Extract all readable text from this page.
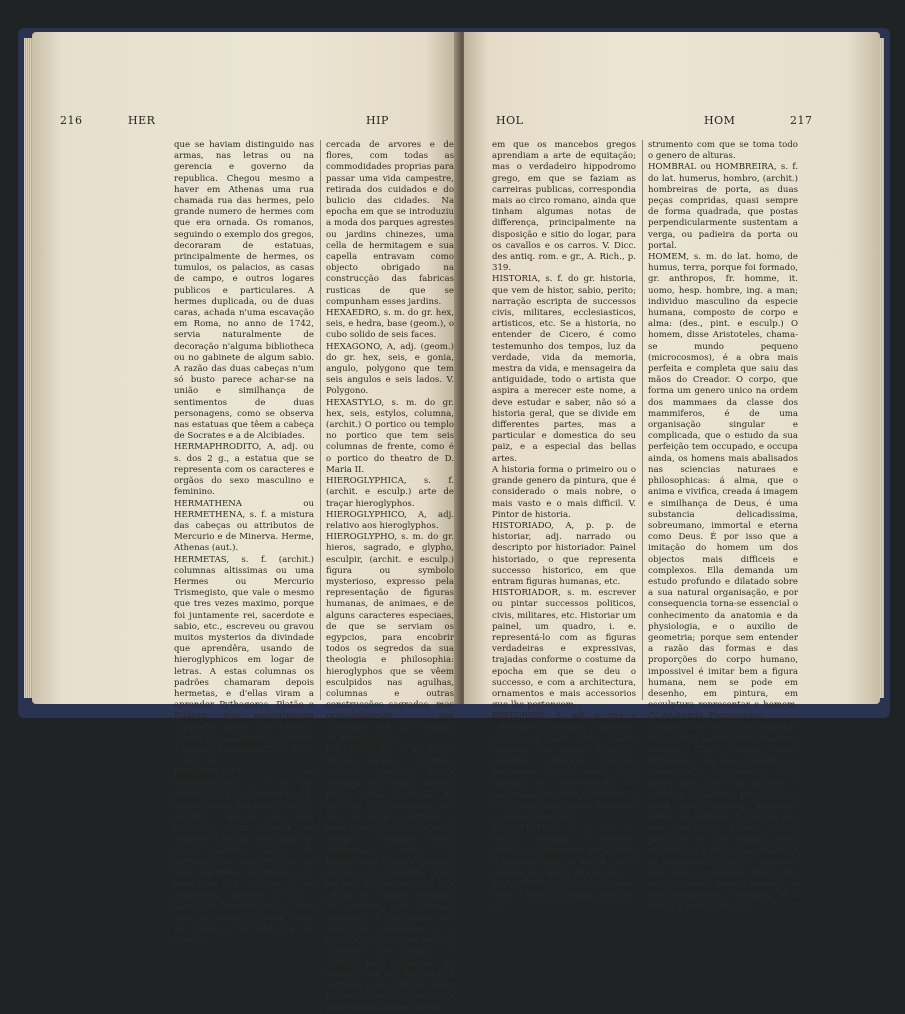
216	HER	HIP

que se haviam distinguido nas armas, nas letras ou na gerencia e governo da republica. Chegou mesmo a haver em Athenas uma rua chamada rua das hermes, pelo grande numero de hermes com que era ornada. Os romanos, seguindo o exemplo dos gregos, decoraram de estatuas, principalmente de hermes, os tumulos, os palacios, as casas de campo, e outros logares publicos e particulares. A hermes duplicada, ou de duas caras, achada n'uma escavação em Roma, no anno de 1742, servia naturalmente de decoração n'alguma bibliotheca ou no gabinete de algum sabio. A razão das duas cabeças n'um só busto parece achar-se na união e similhança de sentimentos de duas personagens, como se observa nas estatuas que têem a cabeça de Socrates e a de Alcibiades.

HERMAPHRODITO, A, adj. ou s. dos 2 g., a estatua que se representa com os caracteres e orgãos do sexo masculino e feminino.

HERMATHENA ou HERMETHENA, s. f. a mistura das cabeças ou attributos de Mercurio e de Minerva. Herme, Athenas (aut.).

HERMETAS, s. f. (archit.) columnas altissimas ou uma Hermes ou Mercurio Trismegisto, que vale o mesmo que tres vezes maximo, porque foi juntamente rei, sacerdote e sabio, etc., escreveu ou gravou muitos mysterios da divindade que aprendêra, usando de hieroglyphicos em logar de letras. A estas columnas os padrões chamaram depois hermetas, e d'ellas viram a aprender Pythagoras, Platão e Eudoxo, que peregrinaram n'aquellas partes (do Egypto), d'onde se recolheram a illustrar a Grecia. Bernardes, Nov. Flor., t. II, p. 90.

HERMITAGEM ou HERMITAGIO, s. f. do lat. eremus, fr. e ing. hermitage, it. eremo, hesp. hermita, deserto, (archit.) toma-se por uma habitação com capella ou oratorio e jardim, edificada em logar solitario, longe do povoado, em que vive um ou mais hermitas, entregues aos exercicios da oração e da penitencia. Também se dá o nome de hermitagem a uma casa de campo, situada longe da cidade e no fundo de um bosque

cercada de arvores e de flores, com todas as commodidades proprias para passar uma vida campestre, retirada dos cuidados e do bulicio das cidades. Na epocha em que se introduziu a moda dos parques agrestes ou jardins chinezes, uma cella de hermitagem e sua capella entravam como objecto obrigado na construcção das fabricas rusticas de que se compunham esses jardins.

HEXAEDRO, s. m. do gr. hex, seis, e hedra, base (geom.), o cubo solido de seis faces.

HEXAGONO, A, adj. (geom.) do gr. hex, seis, e gonia, angulo, polygono que tem seis angulos e seis lados. V. Polygono.

HEXASTYLO, s. m. do gr. hex, seis, estylos, columna, (archit.) O portico ou templo no portico que tem seis columnas de frente, como é o portico do theatro de D. Maria II.

HIEROGLYPHICA, s. f. (archit. e esculp.) arte de traçar hieroglyphos.

HIEROGLYPHICO, A, adj. relativo aos hieroglyphos.

HIEROGLYPHO, s. m. do gr. hieros, sagrado, e glypho, esculpir, (archit. e esculp.) figura ou symbolo mysterioso, expresso pela representação de figuras humanas, de animaes, e de alguns caracteres especiaes, de que se serviam os egypcios, para encobrir todos os segredos da sua theologia e philosophia: hieroglyphos que se vêem esculpidos nas agulhas, columnas e outras construcções sagradas, mas principalmente nas columnas que são ornadas de hieroglyphos.

HIPPODROMO, s. m. do gr. hippos, cavallo, e dromos, corrida, (archit.) praça oblonga em forma circular pelos lados, cercada de porticos e columnatas, em que se faziam corridas e exercicios a cavallo, entre os gregos e romanos. Havia differença entre o hippodromo grego e romano; porque este consistia n'um espaço de terreno em um jardim ou cidade, plantado de arvores, com diversas avenidas, e destinado aos exercicios equestres; e o grego era uma arena para as carreiras de cavallos e carros, por opposição ao estadio, que era destinado á carreira a pé. Multas vezes juntavam aos gymnasios um hippodromo d'este genero,

HOL	HOM	217

em que os mancebos gregos aprendiam a arte de equitação; mas o verdadeiro hippodromo grego, em que se faziam as carreiras publicas, correspondia mais ao circo romano, ainda que tinham algumas notas de differença, principalmente na disposição e sitio do logar, para os cavallos e os carros. V. Dicc. des antiq. rom. e gr., A. Rich., p. 319.

HISTORIA, s. f. do gr. historia, que vem de histor, sabio, perito; narração escripta de successos civis, militares, ecclesiasticos, artisticos, etc. Se a historia, no entender de Cicero, é como testemunho dos tempos, luz da verdade, vida da memoria, mestra da vida, e mensageira da antiguidade, todo o artista que aspira a merecer este nome, a deve estudar e saber, não só a historia geral, que se divide em differentes partes, mas a particular e domestica do seu paiz, e a especial das bellas artes.

A historia forma o primeiro ou o grande genero da pintura, que é considerado o mais nobre, o mais vasto e o mais difficil. V. Pintor de historia.

HISTORIADO, A, p. p. de historiar, adj. narrado ou descripto por historiador. Painel historiado, o que representa successo historico, em que entram figuras humanas, etc.

HISTORIADOR, s. m. escrever ou pintar successos politicos, civis, militares, etc. Historiar um painel, um quadro, i. e. representá-lo com as figuras verdadeiras e expressivas, trajadas conforme o costume da epocha em que se deu o successo, e com a architectura, ornamentos e mais accessorios que lhe pertencem.

HISTORICO, A, adj. o que é conforme ou relativo á historia, ou que se pode contar. Assim dizemos: um grupo historico, desenho, pintura, gravura historicas, quando estas artes narram ou representam os successos, segundo a historia, e n'ella intervem figuras humanas e seus accessorios.

HODOMETRO, s. m. do gr. hodos, caminho, e metron, medida, instrumento para medir o caminho que se andou, ou o numero de passos que se dão.

HOLOMETRO, s. m. do gr. holos, todo, e metron, medida, (archit.) in-

strumento com que se toma todo o genero de alturas.

HOMBRAL ou HOMBREIRA, s. f. do lat. humerus, hombro, (archit.) hombreiras de porta, as duas peças compridas, quasi sempre de forma quadrada, que postas perpendicularmente sustentam a verga, ou padieira da porta ou portal.

HOMEM, s. m. do lat. homo, de humus, terra, porque foi formado, gr. anthropos, fr. homme, it. uomo, hesp. hombre, ing. a man; individuo masculino da especie humana, composto de corpo e alma: (des., pint. e esculp.) O homem, disse Aristoteles, chama-se mundo pequeno (microcosmos), é a obra mais perfeita e completa que saiu das mãos do Creador. O corpo, que forma um genero unico na ordem dos mammaes da classe dos mammiferos, é de uma organisação singular e complicada, que o estudo da sua perfeição tem occupado, e occupa ainda, os homens mais abalisados nas sciencias naturaes e philosophicas: á alma, que o anima e vivifica, creada á imagem e similhança de Deus, é uma substancia delicadissima, sobreumano, immortal e eterna como Deus. É por isso que a imitação do homem um dos objectos mais difficeis e complexos. Ella demanda um estudo profundo e dilatado sobre a sua natural organisação, e por consequencia torna-se essencial o conhecimento da anatomia e da physiologia, e o auxilio de geometria; porque sem entender a razão das formas e das proporções do corpo humano, impossivel é imitar bem a figura humana, nem se pode em desenho, em pintura, em esculptura representar o homem. (V. Anatomia, Proporções).

Leonardo de Vinci judiciosamente diz «que o pintor deve observar sempre duas cousas muito principaes, que são o homem e o pensamento do homem. Não basta, pois, que elle observe e conheça o homem physico, e o saiba bem entender, desenhar, pintar ou modelar, é preciso que elle conheça o homem moral, para que no seu quadro possa exprimir as paixões, os affectos e os sentimentos que o animam, que dêem a conhecer quanto lhe vai n'alma, e, quanto possivel, o seu pensamento.» Portanto, se o difficil e muito difficil a
